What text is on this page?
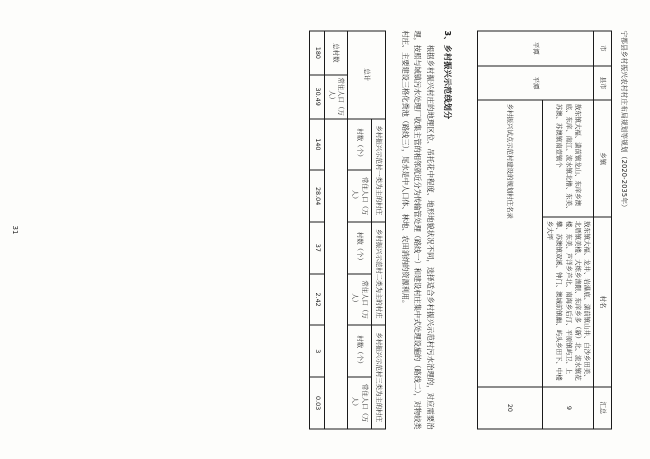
宁都县乡村振兴农村村庄布局规划等规划（2020-2035年）
市	县市	乡镇	村名	汇总
平潭	平潭	敖东镇大福、潇前镇龙山、东庠乡澳底、东庠、南江、流水镇北橹、东美、苏澳、苏澳镇南壹镇个	敖东镇大福、龙井、岩瀑底、潇前镇山井、白沙乡田美、北厝镇美楼、大练乡渔限、东庠乡多（新）北、流水镇花楼、东美、芦洋乡芦北、南海乡后汀、平原镇屿卫、上攀、苏澳镇双溪、钟门、澳城前镇幽、屿头乡田下、中楼乡大坪	9
		乡村振兴试点示范村建设的规划村庄名录		20
3、乡村振兴示范线划分

根据乡村振兴村庄的地理区位、吊托花中程度、地形地貌状况不同，选择适合乡村振兴示范村污水治理的，对应需要治理，按照与域镇污水处理厂收集主管的相邻就近分为传输管处理（路线一）和建设村庄集中式处理设施的（路线二），对物较类村庄、主要建设三格化粪池（路线三），尾水是中人口体、林地、农田消纳的资源利用。

总计		乡村振兴示范村一类为主的村庄		乡村振兴示范村二类为主的村庄		乡村振兴示范村三类为主的村庄	
		村数（个）	常住人口（万人）	村数（个）	常住人口（万人）	村数（个）	常住人口（万人）
总村数	常住人口（万人）						
180	30.49	140	28.04	37	2.42	3	0.03
31
